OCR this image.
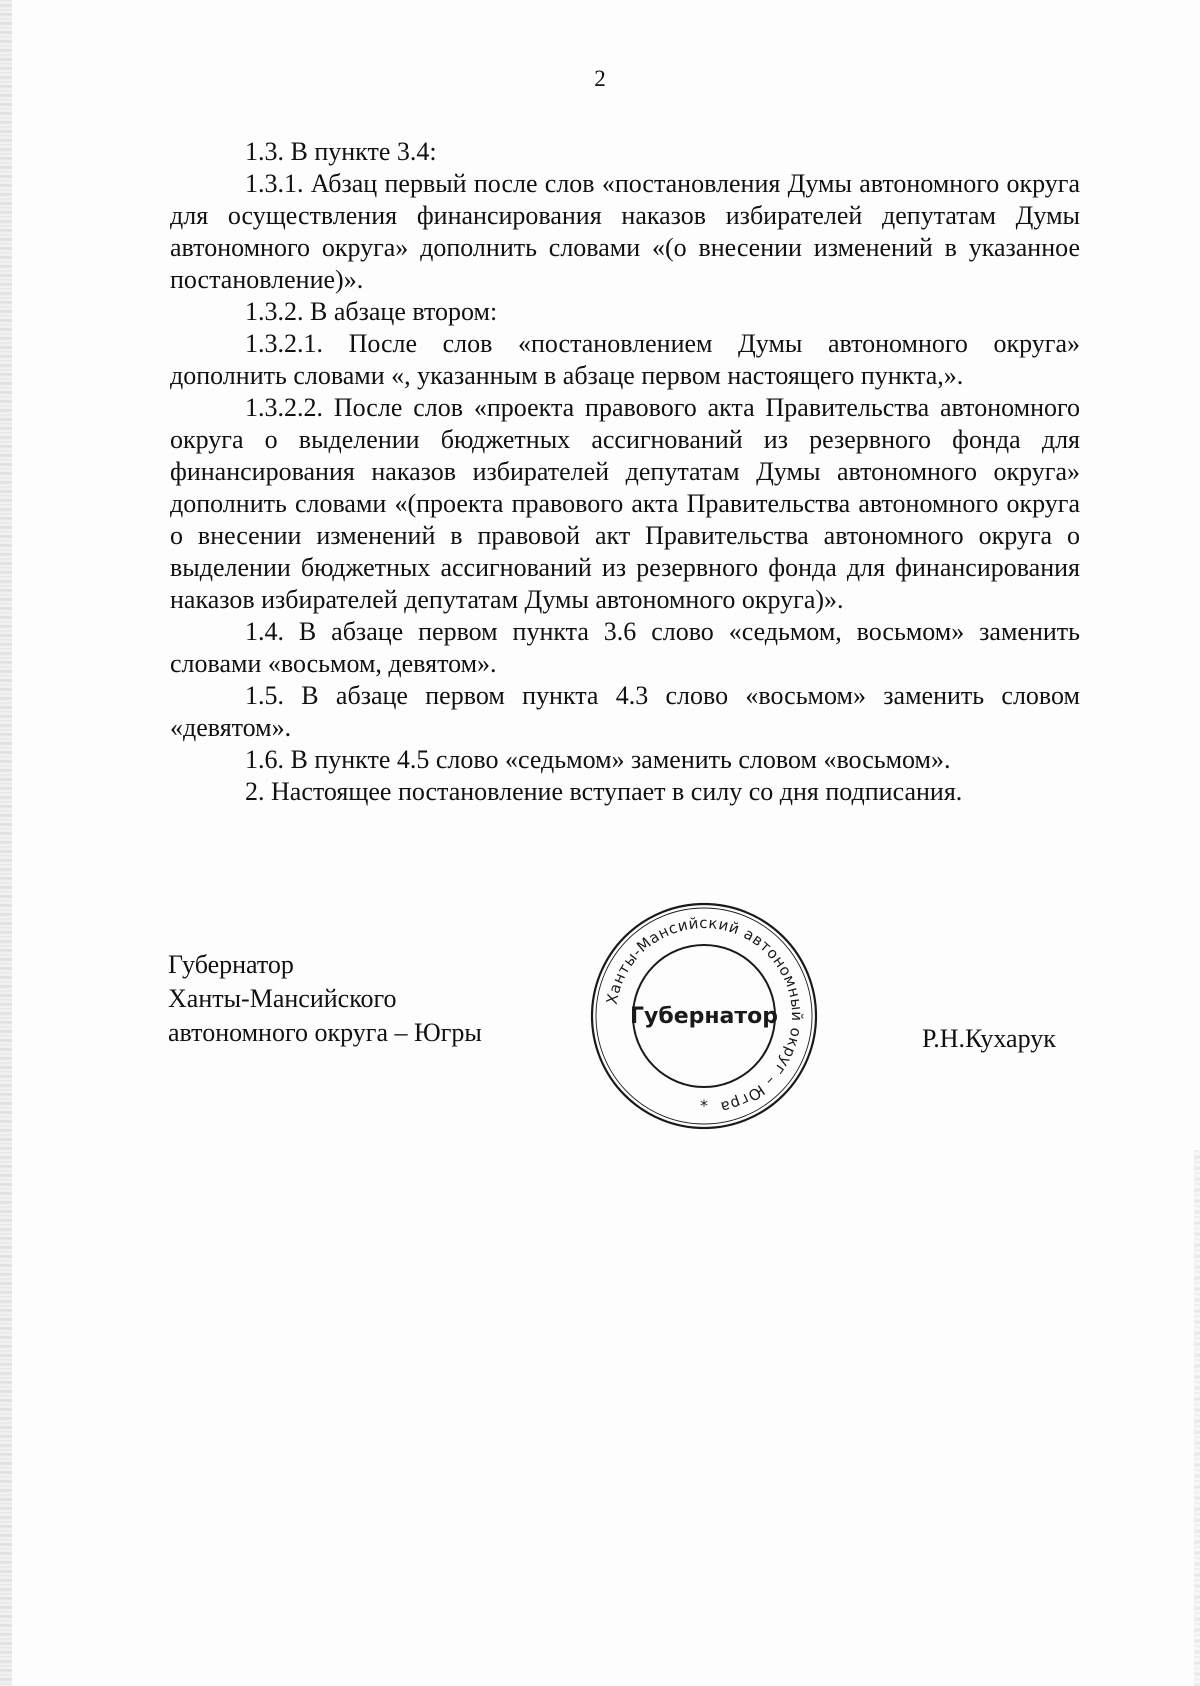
2

1.3. В пункте 3.4:

1.3.1. Абзац первый после слов «постановления Думы автономного округа для осуществления финансирования наказов избирателей депутатам Думы автономного округа» дополнить словами «(о внесении изменений в указанное постановление)».

1.3.2. В абзаце втором:

1.3.2.1. После слов «постановлением Думы автономного округа» дополнить словами «, указанным в абзаце первом настоящего пункта,».

1.3.2.2. После слов «проекта правового акта Правительства автономного округа о выделении бюджетных ассигнований из резервного фонда для финансирования наказов избирателей депутатам Думы автономного округа» дополнить словами «(проекта правового акта Правительства автономного округа о внесении изменений в правовой акт Правительства автономного округа о выделении бюджетных ассигнований из резервного фонда для финансирования наказов избирателей депутатам Думы автономного округа)».

1.4. В абзаце первом пункта 3.6 слово «седьмом, восьмом» заменить словами «восьмом, девятом».

1.5. В абзаце первом пункта 4.3 слово «восьмом» заменить словом «девятом».

1.6. В пункте 4.5 слово «седьмом» заменить словом «восьмом».

2. Настоящее постановление вступает в силу со дня подписания.

Губернатор
Ханты-Мансийского
автономного округа – Югры
Ханты-Мансийский автономный округ – Югра
Губернатор
*
Р.Н.Кухарук
